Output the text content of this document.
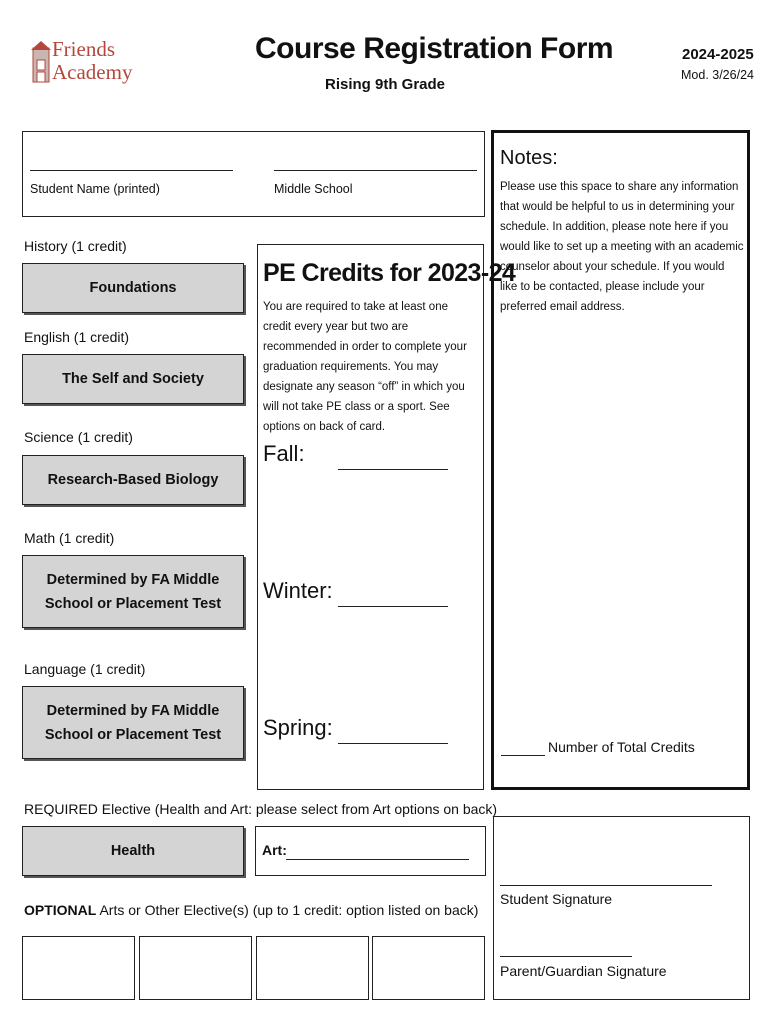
Friends
Academy
Course Registration Form
Rising 9th Grade
2024-2025
Mod. 3/26/24
Student Name (printed)	Middle School
History (1 credit)
Foundations
English (1 credit)
The Self and Society
Science (1 credit)
Research-Based Biology
Math (1 credit)
Determined by FA Middle School or Placement Test
Language (1 credit)
Determined by FA Middle School or Placement Test
PE Credits for 2023-24
You are required to take at least one credit every year but two are recommended in order to complete your graduation requirements. You may designate any season “off” in which you will not take PE class or a sport. See options on back of card.
Fall:
Winter:
Spring:
Notes:
Please use this space to share any information that would be helpful to us in determining your schedule. In addition, please note here if you would like to set up a meeting with an academic counselor about your schedule. If you would like to be contacted, please include your preferred email address.
Number of Total Credits
REQUIRED Elective (Health and Art: please select from Art options on back)
Health	Art:
OPTIONAL Arts or Other Elective(s) (up to 1 credit: option listed on back)
Student Signature
Parent/Guardian Signature
